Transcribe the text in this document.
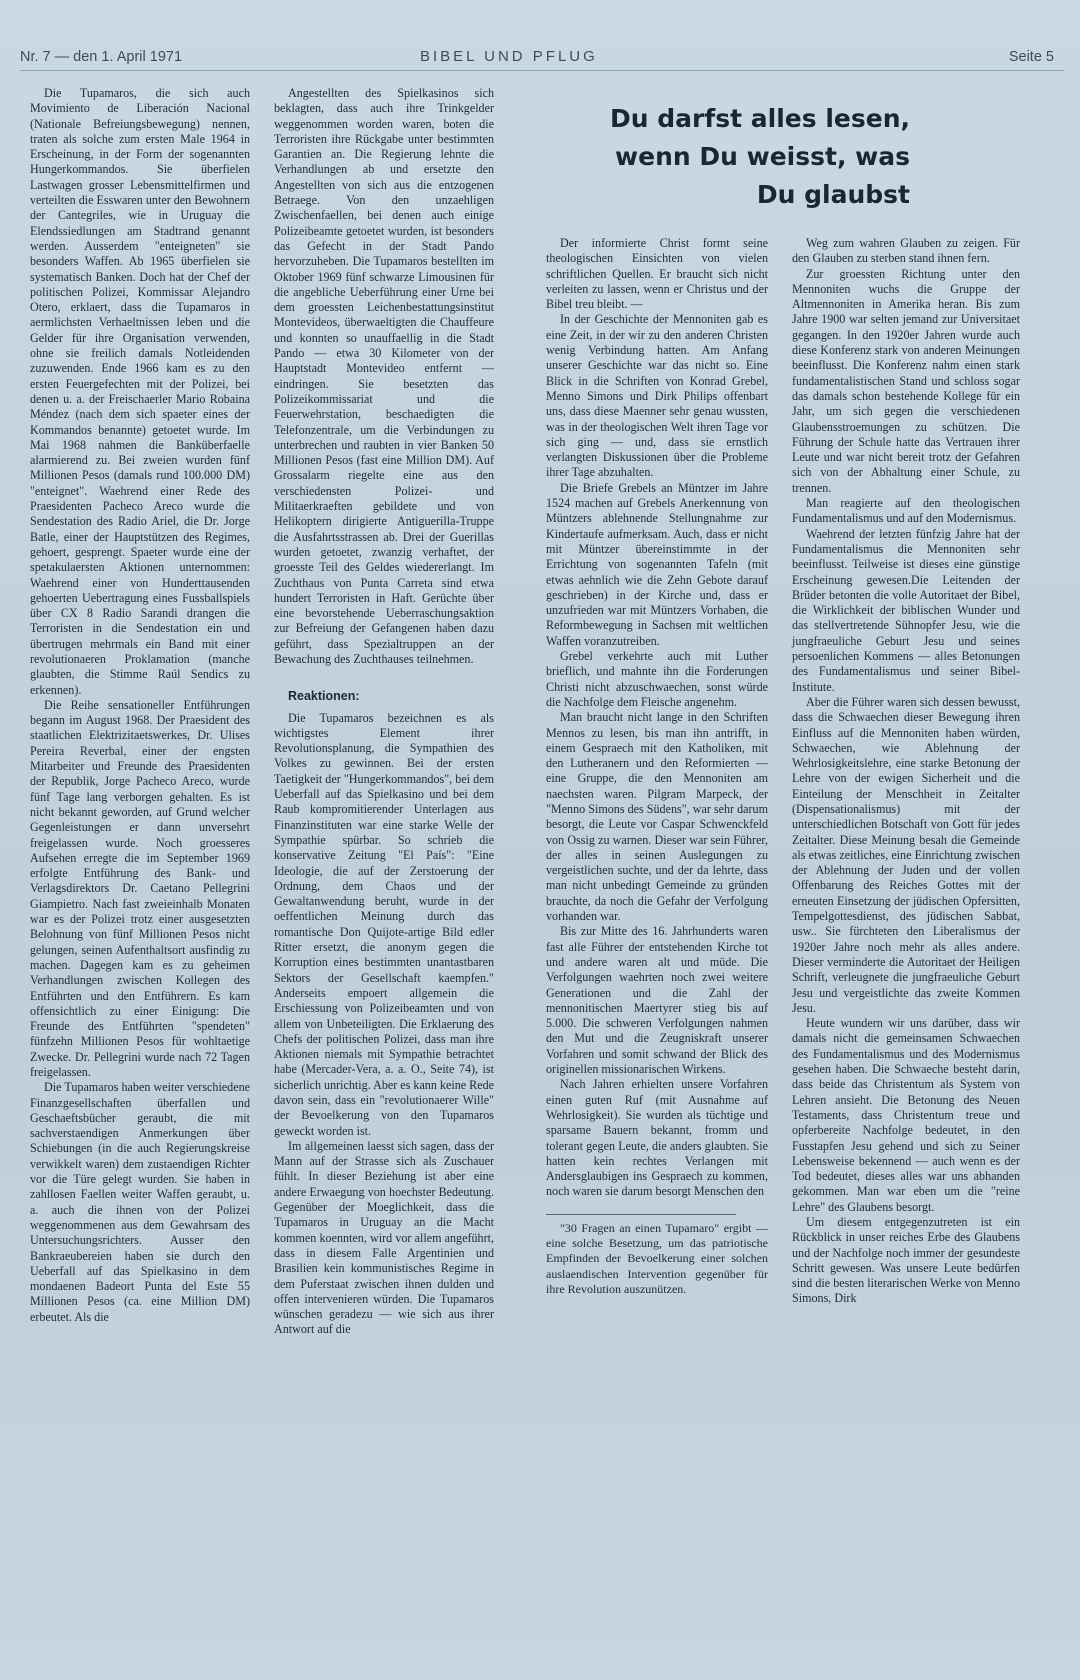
Nr. 7 — den 1. April 1971	BIBEL UND PFLUG	Seite 5

Die Tupamaros, die sich auch Movimiento de Liberación Nacional (Nationale Befreiungsbewegung) nennen, traten als solche zum ersten Male 1964 in Erscheinung, in der Form der sogenannten Hungerkommandos. Sie überfielen Lastwagen grosser Lebensmittelfirmen und verteilten die Esswaren unter den Bewohnern der Cantegriles, wie in Uruguay die Elendssiedlungen am Stadtrand genannt werden. Ausserdem "enteigneten" sie besonders Waffen. Ab 1965 überfielen sie systematisch Banken. Doch hat der Chef der politischen Polizei, Kommissar Alejandro Otero, erklaert, dass die Tupamaros in aermlichsten Verhaeltnissen leben und die Gelder für ihre Organisation verwenden, ohne sie freilich damals Notleidenden zuzuwenden. Ende 1966 kam es zu den ersten Feuergefechten mit der Polizei, bei denen u. a. der Freischaerler Mario Robaina Méndez (nach dem sich spaeter eines der Kommandos benannte) getoetet wurde. Im Mai 1968 nahmen die Banküberfaelle alarmierend zu. Bei zweien wurden fünf Millionen Pesos (damals rund 100.000 DM) "enteignet". Waehrend einer Rede des Praesidenten Pacheco Areco wurde die Sendestation des Radio Ariel, die Dr. Jorge Batle, einer der Hauptstützen des Regimes, gehoert, gesprengt. Spaeter wurde eine der spetakulaersten Aktionen unternommen: Waehrend einer von Hunderttausenden gehoerten Uebertragung eines Fussballspiels über CX 8 Radio Sarandi drangen die Terroristen in die Sendestation ein und übertrugen mehrmals ein Band mit einer revolutionaeren Proklamation (manche glaubten, die Stimme Raúl Sendics zu erkennen).

Die Reihe sensationeller Entführungen begann im August 1968. Der Praesident des staatlichen Elektrizitaetswerkes, Dr. Ulises Pereira Reverbal, einer der engsten Mitarbeiter und Freunde des Praesidenten der Republik, Jorge Pacheco Areco, wurde fünf Tage lang verborgen gehalten. Es ist nicht bekannt geworden, auf Grund welcher Gegenleistungen er dann unversehrt freigelassen wurde. Noch groesseres Aufsehen erregte die im September 1969 erfolgte Entführung des Bank- und Verlagsdirektors Dr. Caetano Pellegrini Giampietro. Nach fast zweieinhalb Monaten war es der Polizei trotz einer ausgesetzten Belohnung von fünf Millionen Pesos nicht gelungen, seinen Aufenthaltsort ausfindig zu machen. Dagegen kam es zu geheimen Verhandlungen zwischen Kollegen des Entführten und den Entführern. Es kam offensichtlich zu einer Einigung: Die Freunde des Entführten "spendeten" fünfzehn Millionen Pesos für wohltaetige Zwecke. Dr. Pellegrini wurde nach 72 Tagen freigelassen.

Die Tupamaros haben weiter verschiedene Finanzgesellschaften überfallen und Geschaeftsbücher geraubt, die mit sachverstaendigen Anmerkungen über Schiebungen (in die auch Regierungskreise verwikkelt waren) dem zustaendigen Richter vor die Türe gelegt wurden. Sie haben in zahllosen Faellen weiter Waffen geraubt, u. a. auch die ihnen von der Polizei weggenommenen aus dem Gewahrsam des Untersuchungsrichters. Ausser den Bankraeubereien haben sie durch den Ueberfall auf das Spielkasino in dem mondaenen Badeort Punta del Este 55 Millionen Pesos (ca. eine Million DM) erbeutet. Als die

Angestellten des Spielkasinos sich beklagten, dass auch ihre Trinkgelder weggenommen worden waren, boten die Terroristen ihre Rückgabe unter bestimmten Garantien an. Die Regierung lehnte die Verhandlungen ab und ersetzte den Angestellten von sich aus die entzogenen Betraege. Von den unzaehligen Zwischenfaellen, bei denen auch einige Polizeibeamte getoetet wurden, ist besonders das Gefecht in der Stadt Pando hervorzuheben. Die Tupamaros bestellten im Oktober 1969 fünf schwarze Limousinen für die angebliche Ueberführung einer Urne bei dem groessten Leichenbestattungsinstitut Montevideos, überwaeltigten die Chauffeure und konnten so unauffaellig in die Stadt Pando — etwa 30 Kilometer von der Hauptstadt Montevideo entfernt — eindringen. Sie besetzten das Polizeikommissariat und die Feuerwehrstation, beschaedigten die Telefonzentrale, um die Verbindungen zu unterbrechen und raubten in vier Banken 50 Millionen Pesos (fast eine Million DM). Auf Grossalarm riegelte eine aus den verschiedensten Polizei- und Militaerkraeften gebildete und von Helikoptern dirigierte Antiguerilla-Truppe die Ausfahrtsstrassen ab. Drei der Guerillas wurden getoetet, zwanzig verhaftet, der groesste Teil des Geldes wiedererlangt. Im Zuchthaus von Punta Carreta sind etwa hundert Terroristen in Haft. Gerüchte über eine bevorstehende Ueberraschungsaktion zur Befreiung der Gefangenen haben dazu geführt, dass Spezialtruppen an der Bewachung des Zuchthauses teilnehmen.

Reaktionen:

Die Tupamaros bezeichnen es als wichtigstes Element ihrer Revolutionsplanung, die Sympathien des Volkes zu gewinnen. Bei der ersten Taetigkeit der "Hungerkommandos", bei dem Ueberfall auf das Spielkasino und bei dem Raub kompromitierender Unterlagen aus Finanzinstituten war eine starke Welle der Sympathie spürbar. So schrieb die konservative Zeitung "El País": "Eine Ideologie, die auf der Zerstoerung der Ordnung, dem Chaos und der Gewaltanwendung beruht, wurde in der oeffentlichen Meinung durch das romantische Don Quijote-artige Bild edler Ritter ersetzt, die anonym gegen die Korruption eines bestimmten unantastbaren Sektors der Gesellschaft kaempfen." Anderseits empoert allgemein die Erschiessung von Polizeibeamten und von allem von Unbeteiligten. Die Erklaerung des Chefs der politischen Polizei, dass man ihre Aktionen niemals mit Sympathie betrachtet habe (Mercader-Vera, a. a. O., Seite 74), ist sicherlich unrichtig. Aber es kann keine Rede davon sein, dass ein "revolutionaerer Wille" der Bevoelkerung von den Tupamaros geweckt worden ist.

Im allgemeinen laesst sich sagen, dass der Mann auf der Strasse sich als Zuschauer fühlt. In dieser Beziehung ist aber eine andere Erwaegung von hoechster Bedeutung. Gegenüber der Moeglichkeit, dass die Tupamaros in Uruguay an die Macht kommen koennten, wird vor allem angeführt, dass in diesem Falle Argentinien und Brasilien kein kommunistisches Regime in dem Puferstaat zwischen ihnen dulden und offen intervenieren würden. Die Tupamaros wünschen geradezu — wie sich aus ihrer Antwort auf die

Du darfst alles lesen,
wenn Du weisst, was
Du glaubst

Der informierte Christ formt seine theologischen Einsichten von vielen schriftlichen Quellen. Er braucht sich nicht verleiten zu lassen, wenn er Christus und der Bibel treu bleibt. —

In der Geschichte der Mennoniten gab es eine Zeit, in der wir zu den anderen Christen wenig Verbindung hatten. Am Anfang unserer Geschichte war das nicht so. Eine Blick in die Schriften von Konrad Grebel, Menno Simons und Dirk Philips offenbart uns, dass diese Maenner sehr genau wussten, was in der theologischen Welt ihren Tage vor sich ging — und, dass sie ernstlich verlangten Diskussionen über die Probleme ihrer Tage abzuhalten.

Die Briefe Grebels an Müntzer im Jahre 1524 machen auf Grebels Anerkennung von Müntzers ablehnende Stellungnahme zur Kindertaufe aufmerksam. Auch, dass er nicht mit Müntzer übereinstimmte in der Errichtung von sogenannten Tafeln (mit etwas aehnlich wie die Zehn Gebote darauf geschrieben) in der Kirche und, dass er unzufrieden war mit Müntzers Vorhaben, die Reformbewegung in Sachsen mit weltlichen Waffen voranzutreiben.

Grebel verkehrte auch mit Luther brieflich, und mahnte ihn die Forderungen Christi nicht abzuschwaechen, sonst würde die Nachfolge dem Fleische angenehm.

Man braucht nicht lange in den Schriften Mennos zu lesen, bis man ihn antrifft, in einem Gespraech mit den Katholiken, mit den Lutheranern und den Reformierten — eine Gruppe, die den Mennoniten am naechsten waren. Pilgram Marpeck, der "Menno Simons des Südens", war sehr darum besorgt, die Leute vor Caspar Schwenckfeld von Ossig zu warnen. Dieser war sein Führer, der alles in seinen Auslegungen zu vergeistlichen suchte, und der da lehrte, dass man nicht unbedingt Gemeinde zu gründen brauchte, da noch die Gefahr der Verfolgung vorhanden war.

Bis zur Mitte des 16. Jahrhunderts waren fast alle Führer der entstehenden Kirche tot und andere waren alt und müde. Die Verfolgungen waehrten noch zwei weitere Generationen und die Zahl der mennonitischen Maertyrer stieg bis auf 5.000. Die schweren Verfolgungen nahmen den Mut und die Zeugniskraft unserer Vorfahren und somit schwand der Blick des originellen missionarischen Wirkens.

Nach Jahren erhielten unsere Vorfahren einen guten Ruf (mit Ausnahme auf Wehrlosigkeit). Sie wurden als tüchtige und sparsame Bauern bekannt, fromm und tolerant gegen Leute, die anders glaubten. Sie hatten kein rechtes Verlangen mit Andersglaubigen ins Gespraech zu kommen, noch waren sie darum besorgt Menschen den

"30 Fragen an einen Tupamaro" ergibt — eine solche Besetzung, um das patriotische Empfinden der Bevoelkerung einer solchen auslaendischen Intervention gegenüber für ihre Revolution auszunützen.

Weg zum wahren Glauben zu zeigen. Für den Glauben zu sterben stand ihnen fern.

Zur groessten Richtung unter den Mennoniten wuchs die Gruppe der Altmennoniten in Amerika heran. Bis zum Jahre 1900 war selten jemand zur Universitaet gegangen. In den 1920er Jahren wurde auch diese Konferenz stark von anderen Meinungen beeinflusst. Die Konferenz nahm einen stark fundamentalistischen Stand und schloss sogar das damals schon bestehende Kollege für ein Jahr, um sich gegen die verschiedenen Glaubensstroemungen zu schützen. Die Führung der Schule hatte das Vertrauen ihrer Leute und war nicht bereit trotz der Gefahren sich von der Abhaltung einer Schule, zu trennen.

Man reagierte auf den theologischen Fundamentalismus und auf den Modernismus.

Waehrend der letzten fünfzig Jahre hat der Fundamentalismus die Mennoniten sehr beeinflusst. Teilweise ist dieses eine günstige Erscheinung gewesen.Die Leitenden der Brüder betonten die volle Autoritaet der Bibel, die Wirklichkeit der biblischen Wunder und das stellvertretende Sühnopfer Jesu, wie die jungfraeuliche Geburt Jesu und seines persoenlichen Kommens — alles Betonungen des Fundamentalismus und seiner Bibel-Institute.

Aber die Führer waren sich dessen bewusst, dass die Schwaechen dieser Bewegung ihren Einfluss auf die Mennoniten haben würden, Schwaechen, wie Ablehnung der Wehrlosigkeitslehre, eine starke Betonung der Lehre von der ewigen Sicherheit und die Einteilung der Menschheit in Zeitalter (Dispensationalismus) mit der unterschiedlichen Botschaft von Gott für jedes Zeitalter. Diese Meinung besah die Gemeinde als etwas zeitliches, eine Einrichtung zwischen der Ablehnung der Juden und der vollen Offenbarung des Reiches Gottes mit der erneuten Einsetzung der jüdischen Opfersitten, Tempelgottesdienst, des jüdischen Sabbat, usw.. Sie fürchteten den Liberalismus der 1920er Jahre noch mehr als alles andere. Dieser verminderte die Autoritaet der Heiligen Schrift, verleugnete die jungfraeuliche Geburt Jesu und vergeistlichte das zweite Kommen Jesu.

Heute wundern wir uns darüber, dass wir damals nicht die gemeinsamen Schwaechen des Fundamentalismus und des Modernismus gesehen haben. Die Schwaeche besteht darin, dass beide das Christentum als System von Lehren ansieht. Die Betonung des Neuen Testaments, dass Christentum treue und opferbereite Nachfolge bedeutet, in den Fusstapfen Jesu gehend und sich zu Seiner Lebensweise bekennend — auch wenn es der Tod bedeutet, dieses alles war uns abhanden gekommen. Man war eben um die "reine Lehre" des Glaubens besorgt.

Um diesem entgegenzutreten ist ein Rückblick in unser reiches Erbe des Glaubens und der Nachfolge noch immer der gesundeste Schritt gewesen. Was unsere Leute bedürfen sind die besten literarischen Werke von Menno Simons, Dirk
